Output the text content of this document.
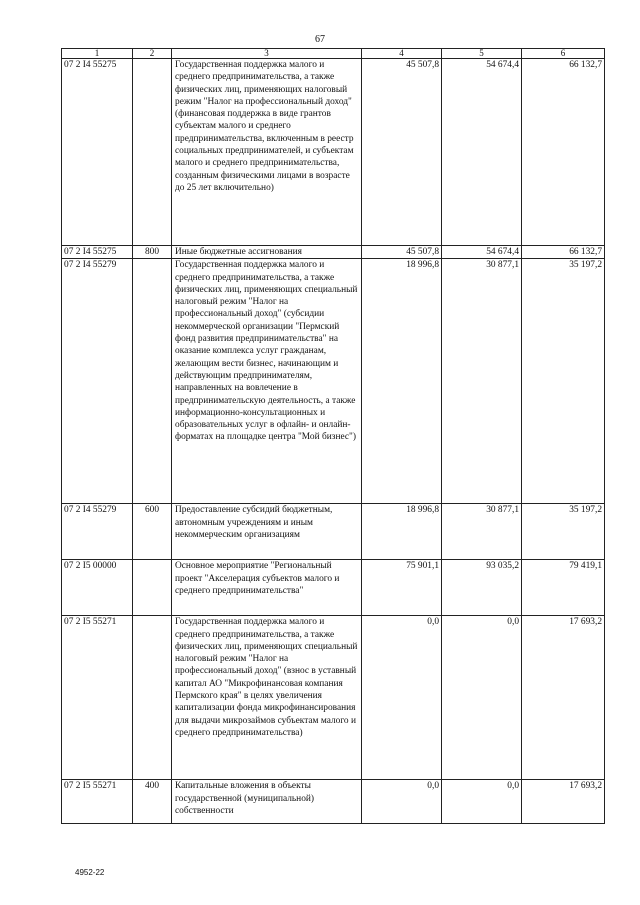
67
1	2	3	4	5	6
07 2 I4 55275		Государственная поддержка малого и среднего предпринимательства, а также физических лиц, применяющих налоговый режим "Налог на профессиональный доход" (финансовая поддержка в виде грантов субъектам малого и среднего предпринимательства, включенным в реестр социальных предпринимателей, и субъектам малого и среднего предпринимательства, созданным физическими лицами в возрасте до 25 лет включительно)	45 507,8	54 674,4	66 132,7
07 2 I4 55275	800	Иные бюджетные ассигнования	45 507,8	54 674,4	66 132,7
07 2 I4 55279		Государственная поддержка малого и среднего предпринимательства, а также физических лиц, применяющих специальный налоговый режим "Налог на профессиональный доход" (субсидии некоммерческой организации "Пермский фонд развития предпринимательства" на оказание комплекса услуг гражданам, желающим вести бизнес, начинающим и действующим предпринимателям, направленных на вовлечение в предпринимательскую деятельность, а также информационно-консультационных и образовательных услуг в офлайн- и онлайн-форматах на площадке центра "Мой бизнес")	18 996,8	30 877,1	35 197,2
07 2 I4 55279	600	Предоставление субсидий бюджетным, автономным учреждениям и иным некоммерческим организациям	18 996,8	30 877,1	35 197,2
07 2 I5 00000		Основное мероприятие "Региональный проект "Акселерация субъектов малого и среднего предпринимательства"	75 901,1	93 035,2	79 419,1
07 2 I5 55271		Государственная поддержка малого и среднего предпринимательства, а также физических лиц, применяющих специальный налоговый режим "Налог на профессиональный доход" (взнос в уставный капитал АО "Микрофинансовая компания Пермского края" в целях увеличения капитализации фонда микрофинансирования для выдачи микрозаймов субъектам малого и среднего предпринимательства)	0,0	0,0	17 693,2
07 2 I5 55271	400	Капитальные вложения в объекты государственной (муниципальной) собственности	0,0	0,0	17 693,2
4952-22
